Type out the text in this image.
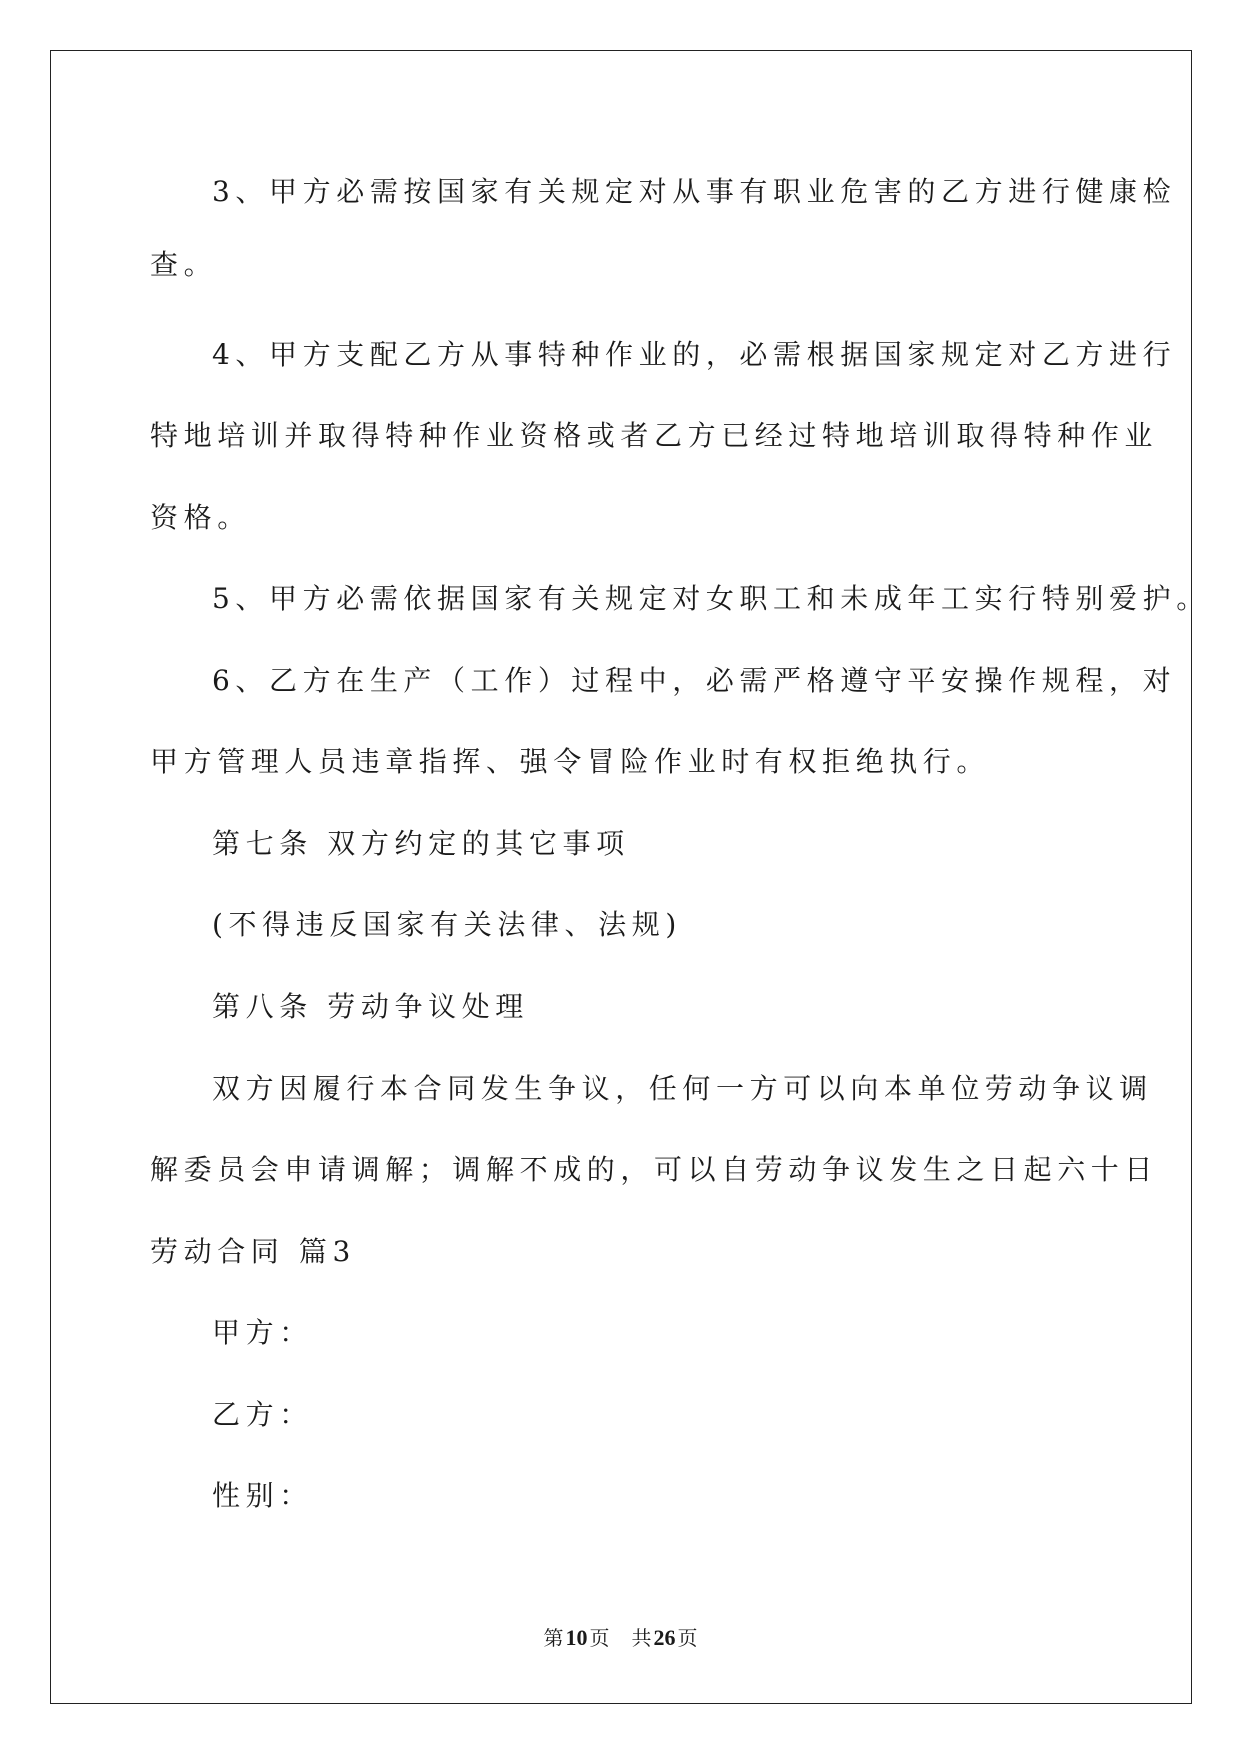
3、甲方必需按国家有关规定对从事有职业危害的乙方进行健康检
查。
4、甲方支配乙方从事特种作业的，必需根据国家规定对乙方进行
特地培训并取得特种作业资格或者乙方已经过特地培训取得特种作业
资格。
5、甲方必需依据国家有关规定对女职工和未成年工实行特别爱护。
6、乙方在生产（工作）过程中，必需严格遵守平安操作规程，对
甲方管理人员违章指挥、强令冒险作业时有权拒绝执行。
第七条 双方约定的其它事项
(不得违反国家有关法律、法规)
第八条 劳动争议处理
双方因履行本合同发生争议，任何一方可以向本单位劳动争议调
解委员会申请调解；调解不成的，可以自劳动争议发生之日起六十日
劳动合同 篇3
甲方：
乙方：
性别：
第10 页 共26 页
